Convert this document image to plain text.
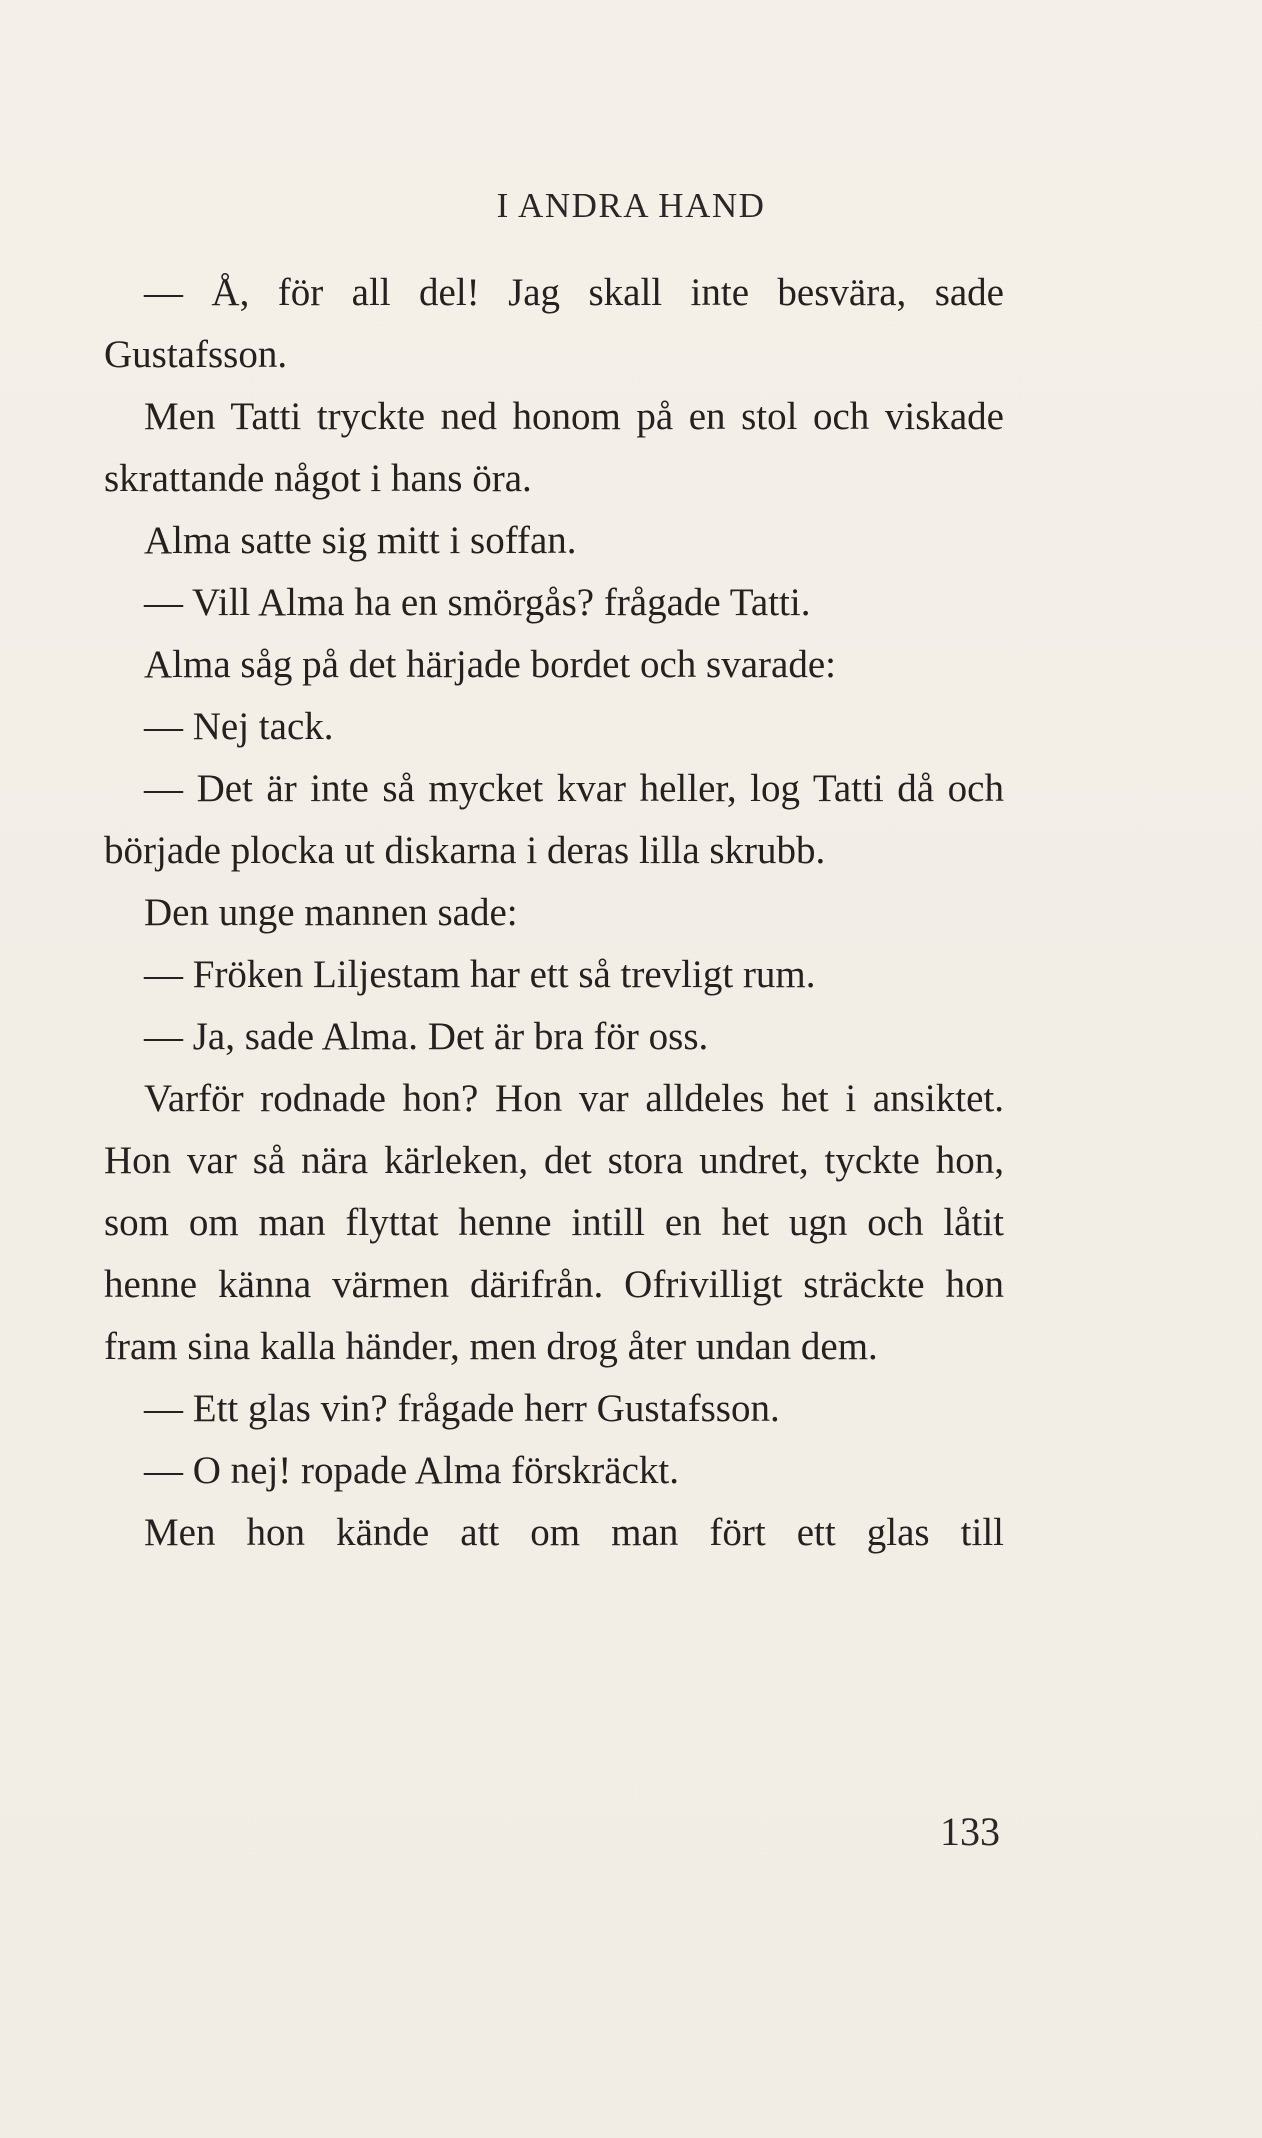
I ANDRA HAND

— Å, för all del! Jag skall inte besvära, sade Gustafsson.

Men Tatti tryckte ned honom på en stol och viskade skrattande något i hans öra.

Alma satte sig mitt i soffan.

— Vill Alma ha en smörgås? frågade Tatti.

Alma såg på det härjade bordet och svarade:

— Nej tack.

— Det är inte så mycket kvar heller, log Tatti då och började plocka ut diskarna i deras lilla skrubb.

Den unge mannen sade:

— Fröken Liljestam har ett så trevligt rum.

— Ja, sade Alma. Det är bra för oss.

Varför rodnade hon? Hon var alldeles het i ansiktet. Hon var så nära kärleken, det stora undret, tyckte hon, som om man flyttat henne intill en het ugn och låtit henne känna värmen därifrån. Ofrivilligt sträckte hon fram sina kalla händer, men drog åter undan dem.

— Ett glas vin? frågade herr Gustafsson.

— O nej! ropade Alma förskräckt.

Men hon kände att om man fört ett glas till

133
